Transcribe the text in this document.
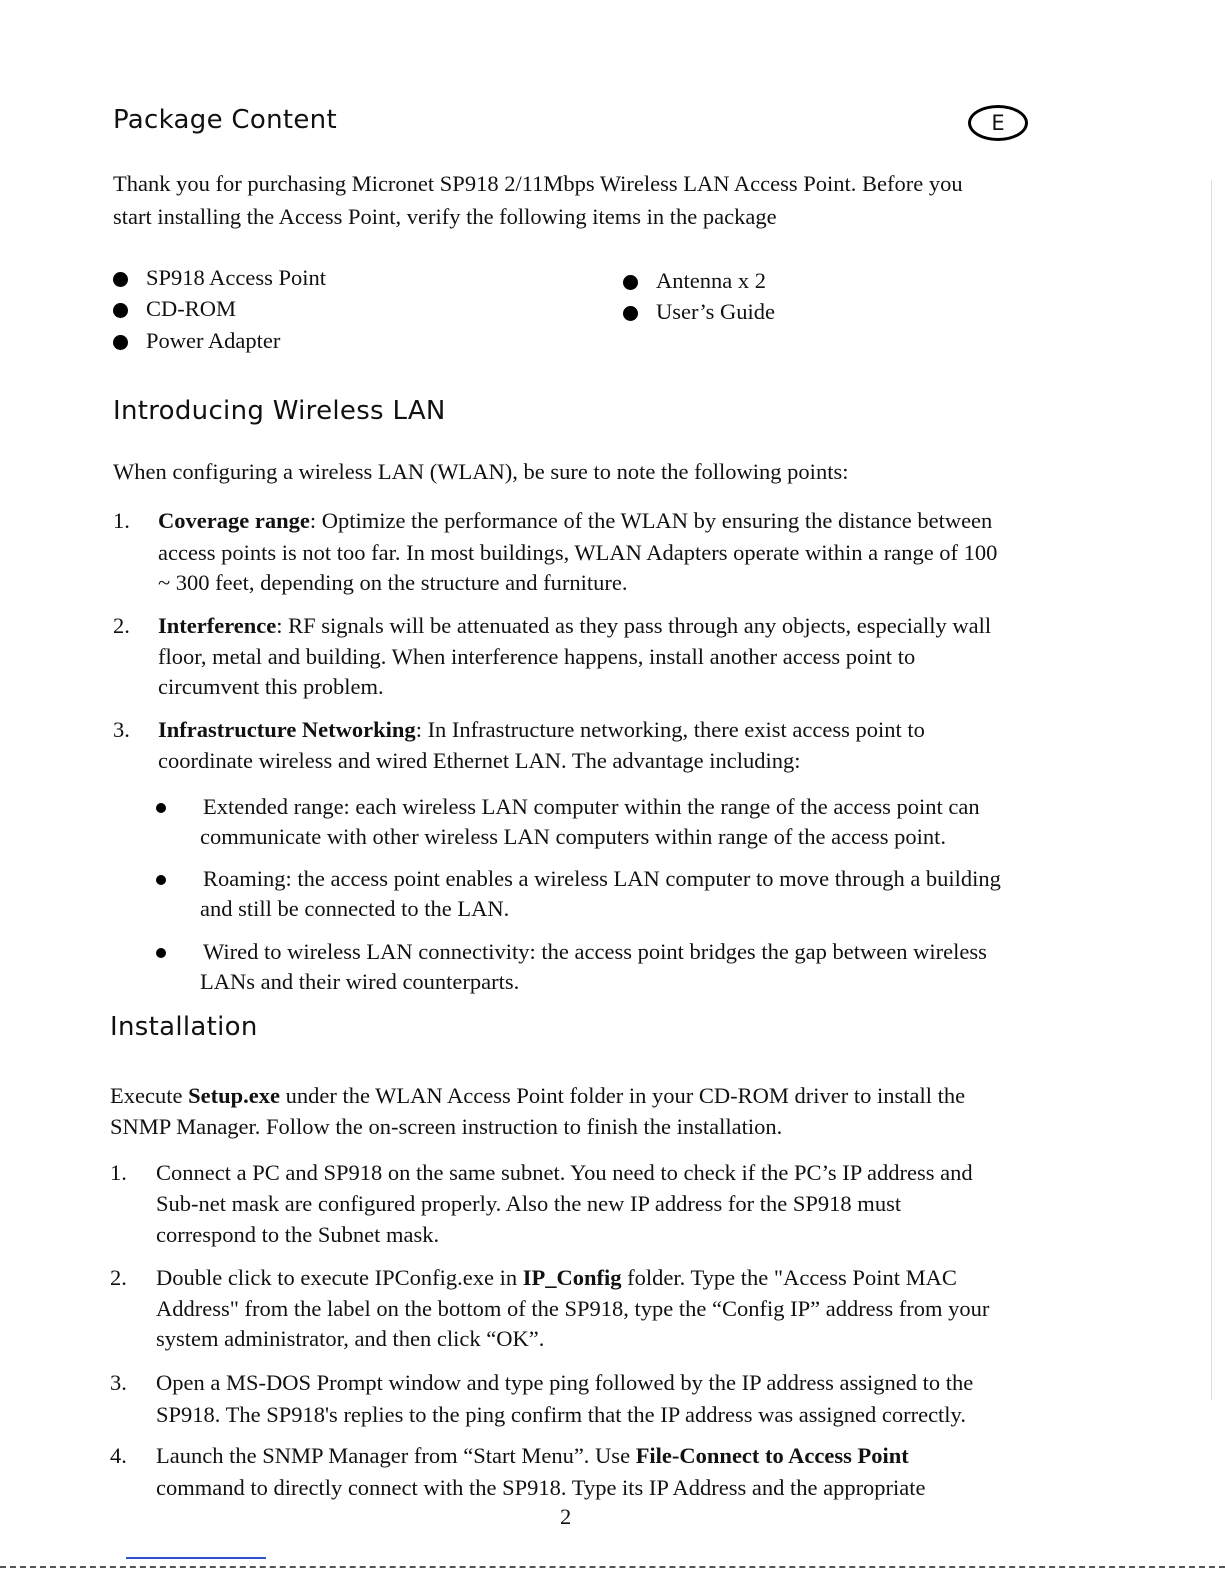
E
Package Content
Thank you for purchasing Micronet SP918 2/11Mbps Wireless LAN Access Point. Before you
start installing the Access Point, verify the following items in the package
SP918 Access Point
CD-ROM
Power Adapter
Antenna x 2
User’s Guide
Introducing Wireless LAN
When configuring a wireless LAN (WLAN), be sure to note the following points:
1. Coverage range: Optimize the performance of the WLAN by ensuring the distance between
access points is not too far. In most buildings, WLAN Adapters operate within a range of 100
~ 300 feet, depending on the structure and furniture.
2. Interference: RF signals will be attenuated as they pass through any objects, especially wall
floor, metal and building. When interference happens, install another access point to
circumvent this problem.
3. Infrastructure Networking: In Infrastructure networking, there exist access point to
coordinate wireless and wired Ethernet LAN. The advantage including:
Extended range: each wireless LAN computer within the range of the access point can
communicate with other wireless LAN computers within range of the access point.
Roaming: the access point enables a wireless LAN computer to move through a building
and still be connected to the LAN.
Wired to wireless LAN connectivity: the access point bridges the gap between wireless
LANs and their wired counterparts.
Installation
Execute Setup.exe under the WLAN Access Point folder in your CD-ROM driver to install the
SNMP Manager. Follow the on-screen instruction to finish the installation.
1. Connect a PC and SP918 on the same subnet. You need to check if the PC’s IP address and
Sub-net mask are configured properly. Also the new IP address for the SP918 must
correspond to the Subnet mask.
2. Double click to execute IPConfig.exe in IP_Config folder. Type the "Access Point MAC
Address" from the label on the bottom of the SP918, type the “Config IP” address from your
system administrator, and then click “OK”.
3. Open a MS-DOS Prompt window and type ping followed by the IP address assigned to the
SP918. The SP918's replies to the ping confirm that the IP address was assigned correctly.
4. Launch the SNMP Manager from “Start Menu”. Use File-Connect to Access Point
command to directly connect with the SP918. Type its IP Address and the appropriate
2
